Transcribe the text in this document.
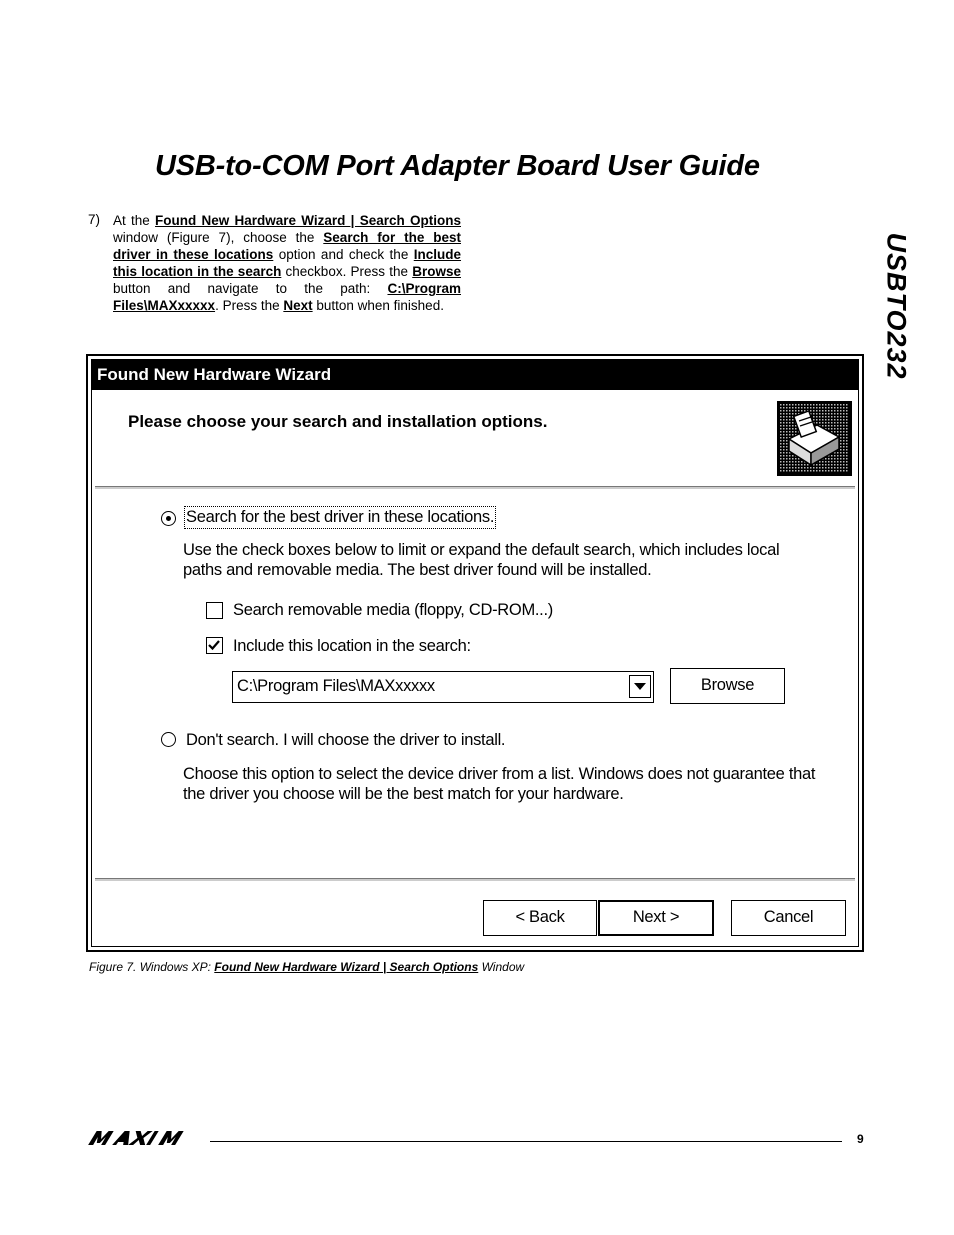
USB-to-COM Port Adapter Board User Guide
USBTO232
7) At the Found New Hardware Wizard | Search Options window (Figure 7), choose the Search for the best driver in these locations option and check the Include this location in the search checkbox. Press the Browse button and navigate to the path: C:\Program Files\MAXxxxxx. Press the Next button when finished.
Found New Hardware Wizard
Please choose your search and installation options.
Search for the best driver in these locations.
Use the check boxes below to limit or expand the default search, which includes local
paths and removable media. The best driver found will be installed.
Search removable media (floppy, CD-ROM...)
Include this location in the search:
C:\Program Files\MAXxxxxx	Browse
Don't search. I will choose the driver to install.
Choose this option to select the device driver from a list. Windows does not guarantee that
the driver you choose will be the best match for your hardware.
< Back	Next >	Cancel
Figure 7. Windows XP: Found New Hardware Wizard | Search Options Window
9
